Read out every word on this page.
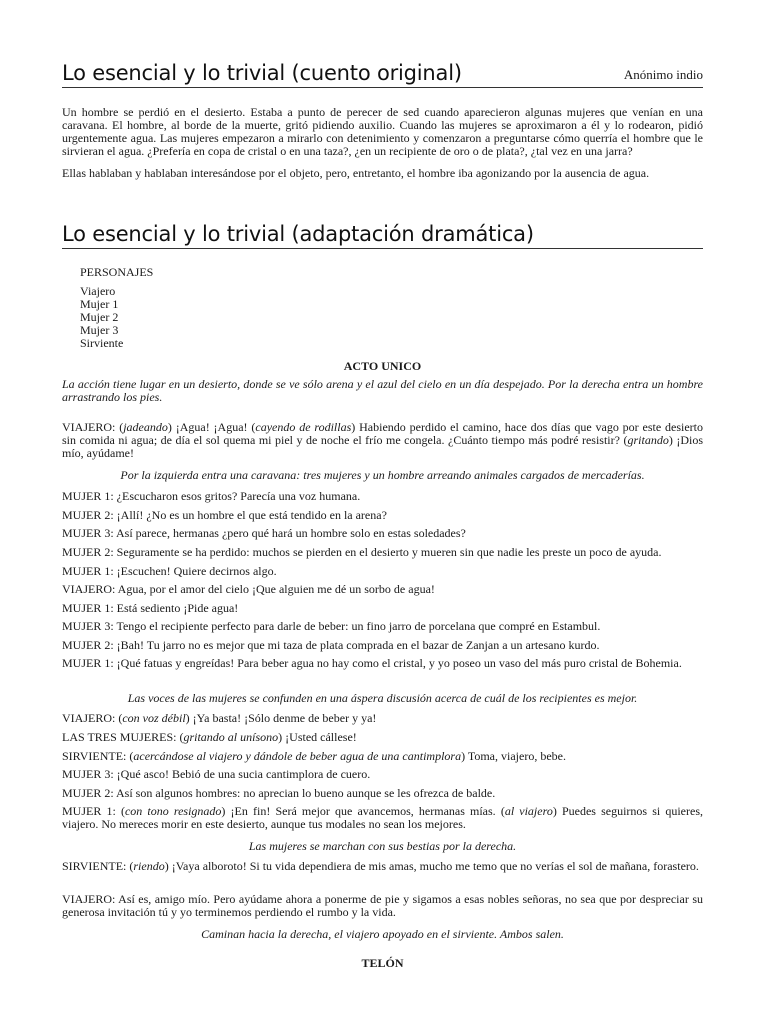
Lo esencial y lo trivial (cuento original)	Anónimo indio

Un hombre se perdió en el desierto. Estaba a punto de perecer de sed cuando aparecieron algunas mujeres que venían en una caravana. El hombre, al borde de la muerte, gritó pidiendo auxilio. Cuando las mujeres se aproximaron a él y lo rodearon, pidió urgentemente agua. Las mujeres empezaron a mirarlo con detenimiento y comenzaron a preguntarse cómo querría el hombre que le sirvieran el agua. ¿Prefería en copa de cristal o en una taza?, ¿en un recipiente de oro o de plata?, ¿tal vez en una jarra?

Ellas hablaban y hablaban interesándose por el objeto, pero, entretanto, el hombre iba agonizando por la ausencia de agua.

Lo esencial y lo trivial (adaptación dramática)
PERSONAJES
Viajero
Mujer 1
Mujer 2
Mujer 3
Sirviente
ACTO UNICO

La acción tiene lugar en un desierto, donde se ve sólo arena y el azul del cielo en un día despejado. Por la derecha entra un hombre arrastrando los pies.

VIAJERO: (jadeando) ¡Agua! ¡Agua! (cayendo de rodillas) Habiendo perdido el camino, hace dos días que vago por este desierto sin comida ni agua; de día el sol quema mi piel y de noche el frío me congela. ¿Cuánto tiempo más podré resistir? (gritando) ¡Dios mío, ayúdame!

Por la izquierda entra una caravana: tres mujeres y un hombre arreando animales cargados de mercaderías.
MUJER 1: ¿Escucharon esos gritos? Parecía una voz humana.
MUJER 2: ¡Allí! ¿No es un hombre el que está tendido en la arena?
MUJER 3: Así parece, hermanas ¿pero qué hará un hombre solo en estas soledades?
MUJER 2: Seguramente se ha perdido: muchos se pierden en el desierto y mueren sin que nadie les preste un poco de ayuda.
MUJER 1: ¡Escuchen! Quiere decirnos algo.
VIAJERO: Agua, por el amor del cielo ¡Que alguien me dé un sorbo de agua!
MUJER 1: Está sediento ¡Pide agua!
MUJER 3: Tengo el recipiente perfecto para darle de beber: un fino jarro de porcelana que compré en Estambul.
MUJER 2: ¡Bah! Tu jarro no es mejor que mi taza de plata comprada en el bazar de Zanjan a un artesano kurdo.

MUJER 1: ¡Qué fatuas y engreídas! Para beber agua no hay como el cristal, y yo poseo un vaso del más puro cristal de Bohemia.

Las voces de las mujeres se confunden en una áspera discusión acerca de cuál de los recipientes es mejor.
VIAJERO: (con voz débil) ¡Ya basta! ¡Sólo denme de beber y ya!
LAS TRES MUJERES: (gritando al unísono) ¡Usted cállese!
SIRVIENTE: (acercándose al viajero y dándole de beber agua de una cantimplora) Toma, viajero, bebe.
MUJER 3: ¡Qué asco! Bebió de una sucia cantimplora de cuero.
MUJER 2: Así son algunos hombres: no aprecian lo bueno aunque se les ofrezca de balde.

MUJER 1: (con tono resignado) ¡En fin! Será mejor que avancemos, hermanas mías. (al viajero) Puedes seguirnos si quieres, viajero. No mereces morir en este desierto, aunque tus modales no sean los mejores.

Las mujeres se marchan con sus bestias por la derecha.

SIRVIENTE: (riendo) ¡Vaya alboroto! Si tu vida dependiera de mis amas, mucho me temo que no verías el sol de mañana, forastero.

VIAJERO: Así es, amigo mío. Pero ayúdame ahora a ponerme de pie y sigamos a esas nobles señoras, no sea que por despreciar su generosa invitación tú y yo terminemos perdiendo el rumbo y la vida.

Caminan hacia la derecha, el viajero apoyado en el sirviente. Ambos salen.
TELÓN
